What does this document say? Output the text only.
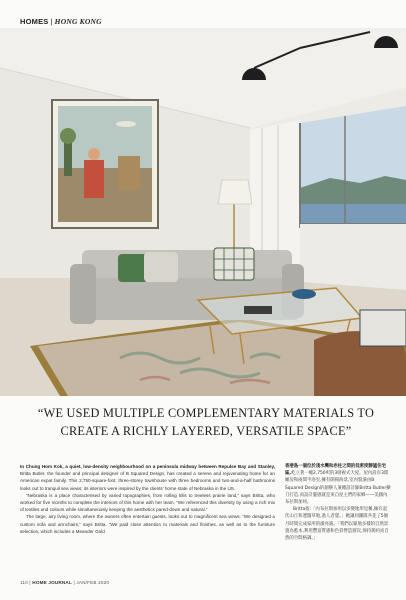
HOMES | HONG KONG
“WE USED MULTIPLE COMPLEMENTARY MATERIALS TO
CREATE A RICHLY LAYERED, VERSATILE SPACE”

In Chung Hom Kok, a quiet, low-density neighbourhood on a peninsula midway between Repulse Bay and Stanley, Britta Butler, the founder and principal designer of B Squared Design, has created a serene and rejuvenating home for an American expat family. This 2,750-square-foot, three-storey townhouse with three bedrooms and two-and-a-half bathrooms looks out to tranquil sea views; its interiors were inspired by the clients' home state of Nebraska in the US.

“Nebraska is a place characterised by varied topographies, from rolling hills to treeless prairie land,” says Britta, who worked for five months to complete the interiors of this home with her team. “We referenced this diversity by using a rich mix of textiles and colours while simultaneously keeping the aesthetics pared-down and natural.”

The large, airy living room, where the owners often entertain guests, looks out to magnificent sea views. “We designed a custom sofa and armchairs,” says Britta. “We paid close attention to materials and finishes, as well as to the furniture selection, which includes a Meander Gold

香港島一個位於淺水灣和赤柱之間的低密度靜謐住宅區,屹立著一幢2,750呎的3層複式大屋。屋內設有3間睡房和兩間半浴室,擁有開揚海景,室內裝潢由B Squared Design的創辦人兼總設計師Britta Butler操刀打造,而設計靈感就是來自屋主們的家鄉——美國內布拉斯加州。

Britta指:「內布拉斯加州以多變地形見稱,擁有起伏山丘和遼闊草地,過人者覺。」她讓同團隊共花了5個月時間完成家所的潢亮處。「我們以蒙地多樣的自然景貌為藍本,利用豐富質感和色彩營造層次,保持簡約而自然的空間格調。」

110 | HOME JOURNAL | JAN/FEB 2020
